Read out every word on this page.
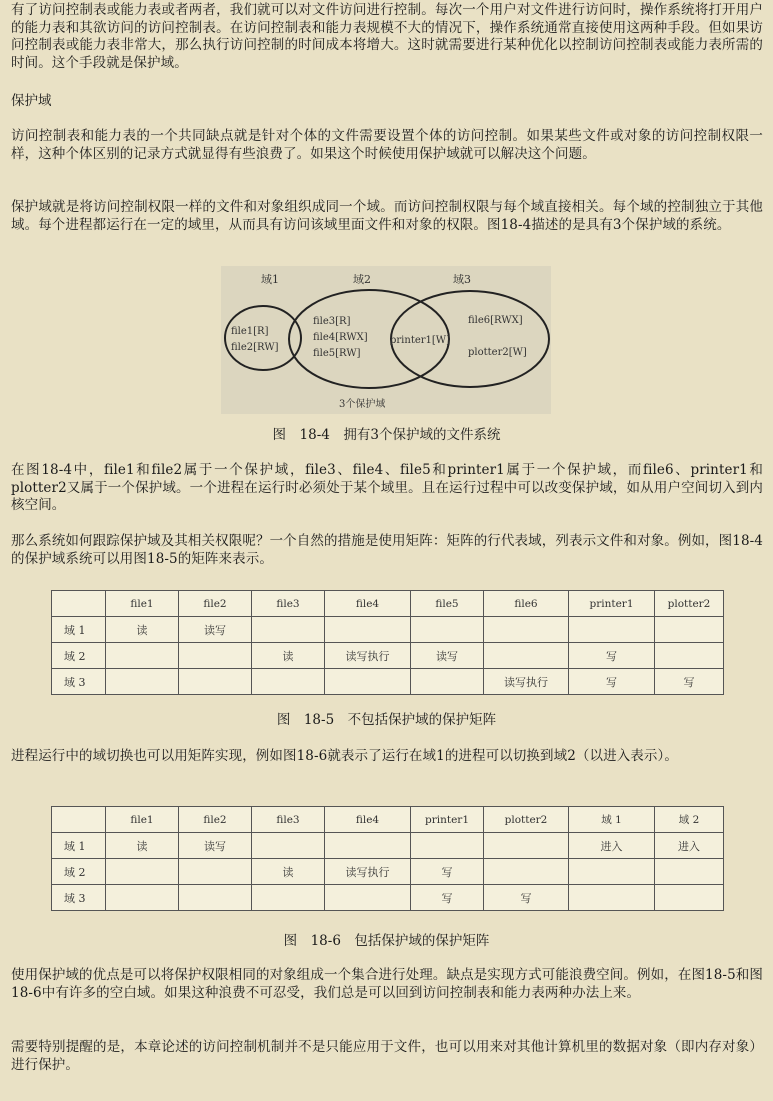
有了访问控制表或能力表或者两者，我们就可以对文件访问进行控制。每次一个用户对文件进行访问时，操作系统将打开用户的能力表和其欲访问的访问控制表。在访问控制表和能力表规模不大的情况下，操作系统通常直接使用这两种手段。但如果访问控制表或能力表非常大，那么执行访问控制的时间成本将增大。这时就需要进行某种优化以控制访问控制表或能力表所需的时间。这个手段就是保护域。

保护域

访问控制表和能力表的一个共同缺点就是针对个体的文件需要设置个体的访问控制。如果某些文件或对象的访问控制权限一样，这种个体区别的记录方式就显得有些浪费了。如果这个时候使用保护域就可以解决这个问题。

保护域就是将访问控制权限一样的文件和对象组织成同一个域。而访问控制权限与每个域直接相关。每个域的控制独立于其他域。每个进程都运行在一定的域里，从而具有访问该域里面文件和对象的权限。图18-4描述的是具有3个保护域的系统。

域1	域2	域3
file1[R]
file2[RW]
file3[R]
file4[RWX]
file5[RW]
printer1[W]
file6[RWX]
plotter2[W]
3个保护域

图　18-4　拥有3个保护域的文件系统

在图18-4中，file1和file2属于一个保护域，file3、file4、file5和printer1属于一个保护域，而file6、printer1和plotter2又属于一个保护域。一个进程在运行时必须处于某个域里。且在运行过程中可以改变保护域，如从用户空间切入到内核空间。

那么系统如何跟踪保护域及其相关权限呢？一个自然的措施是使用矩阵：矩阵的行代表域，列表示文件和对象。例如，图18-4的保护域系统可以用图18-5的矩阵来表示。

	file1	file2	file3	file4	file5	file6	printer1	plotter2
域 1	读	读写						
域 2			读	读写执行	读写		写	
域 3						读写执行	写	写

图　18-5　不包括保护域的保护矩阵

进程运行中的域切换也可以用矩阵实现，例如图18-6就表示了运行在域1的进程可以切换到域2（以进入表示）。

	file1	file2	file3	file4	printer1	plotter2	域 1	域 2
域 1	读	读写					进入	进入
域 2			读	读写执行	写			
域 3					写	写		

图　18-6　包括保护域的保护矩阵

使用保护域的优点是可以将保护权限相同的对象组成一个集合进行处理。缺点是实现方式可能浪费空间。例如，在图18-5和图18-6中有许多的空白域。如果这种浪费不可忍受，我们总是可以回到访问控制表和能力表两种办法上来。

需要特别提醒的是，本章论述的访问控制机制并不是只能应用于文件，也可以用来对其他计算机里的数据对象（即内存对象）进行保护。
